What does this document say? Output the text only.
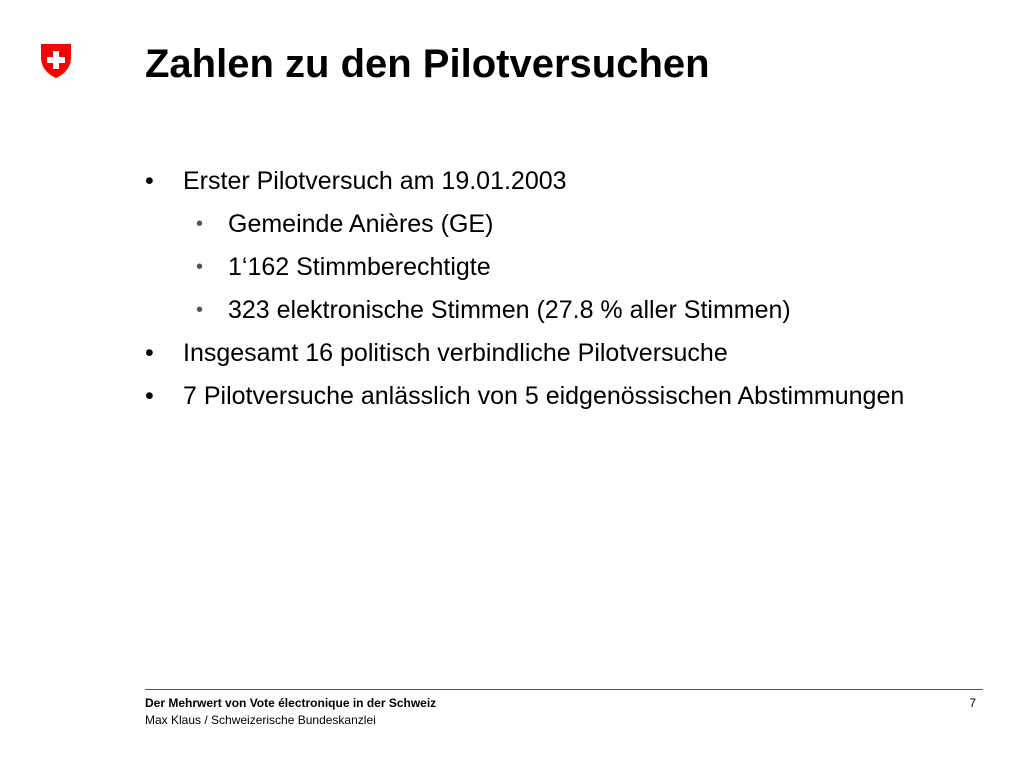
Zahlen zu den Pilotversuchen
•	Erster Pilotversuch am 19.01.2003
• Gemeinde Anières (GE)
• 1‘162 Stimmberechtigte
• 323 elektronische Stimmen (27.8 % aller Stimmen)
•	Insgesamt 16 politisch verbindliche Pilotversuche
•	7 Pilotversuche anlässlich von 5 eidgenössischen Abstimmungen
Der Mehrwert von Vote électronique in der Schweiz
Max Klaus / Schweizerische Bundeskanzlei
7
